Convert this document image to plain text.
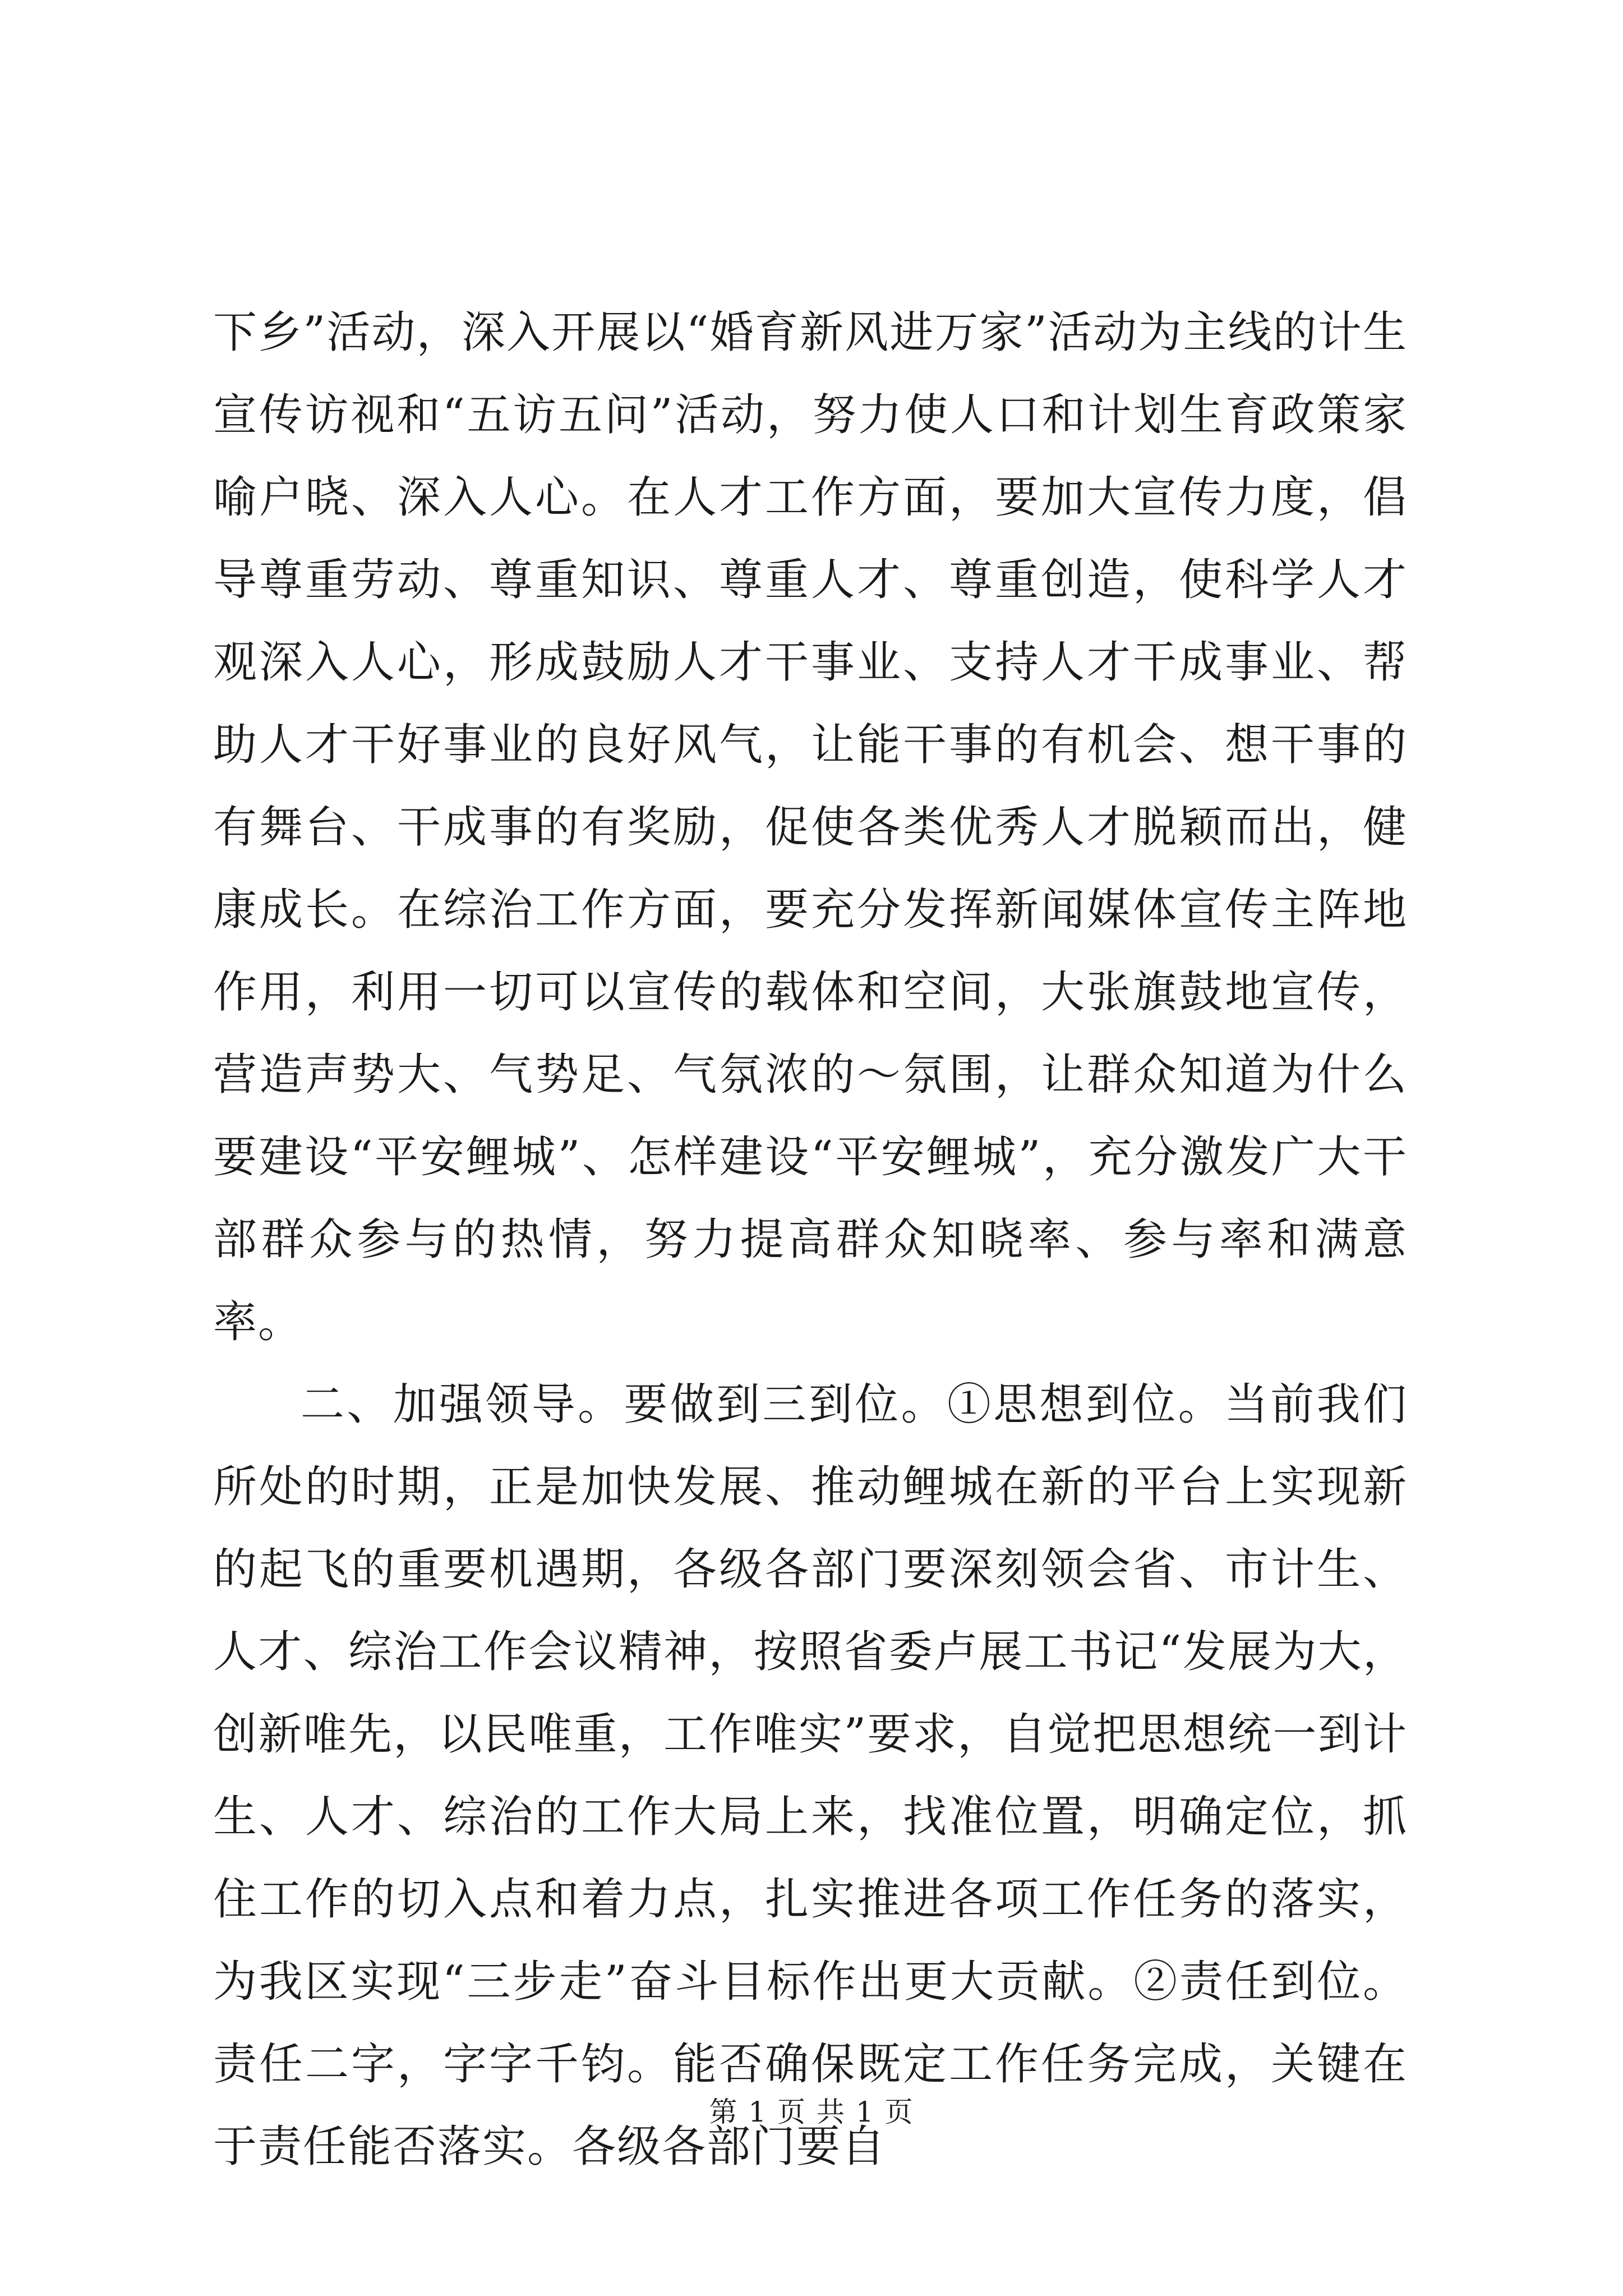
下乡”活动，深入开展以“婚育新风进万家”活动为主线的计生宣传访视和“五访五问”活动，努力使人口和计划生育政策家喻户晓、深入人心。在人才工作方面，要加大宣传力度，倡导尊重劳动、尊重知识、尊重人才、尊重创造，使科学人才观深入人心，形成鼓励人才干事业、支持人才干成事业、帮助人才干好事业的良好风气，让能干事的有机会、想干事的有舞台、干成事的有奖励，促使各类优秀人才脱颖而出，健康成长。在综治工作方面，要充分发挥新闻媒体宣传主阵地作用，利用一切可以宣传的载体和空间，大张旗鼓地宣传，营造声势大、气势足、气氛浓的～氛围，让群众知道为什么要建设“平安鲤城”、怎样建设“平安鲤城”，充分激发广大干部群众参与的热情，努力提高群众知晓率、参与率和满意率。

二、加强领导。要做到三到位。①思想到位。当前我们所处的时期，正是加快发展、推动鲤城在新的平台上实现新的起飞的重要机遇期，各级各部门要深刻领会省、市计生、人才、综治工作会议精神，按照省委卢展工书记“发展为大，创新唯先，以民唯重，工作唯实”要求，自觉把思想统一到计生、人才、综治的工作大局上来，找准位置，明确定位，抓住工作的切入点和着力点，扎实推进各项工作任务的落实，为我区实现“三步走”奋斗目标作出更大贡献。②责任到位。责任二字，字字千钧。能否确保既定工作任务完成，关键在于责任能否落实。各级各部门要自

第 1 页 共 1 页
